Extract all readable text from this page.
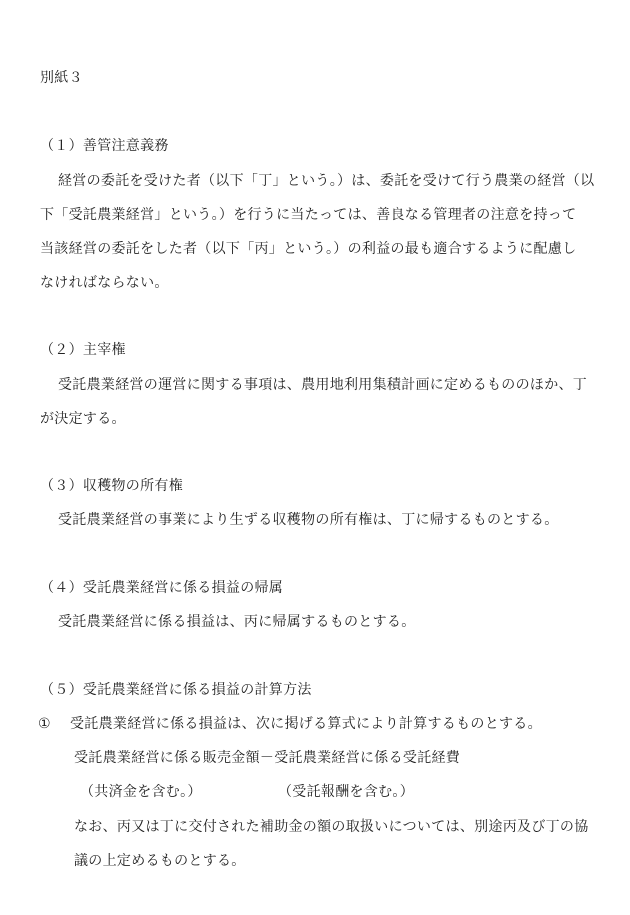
別紙３
（１）善管注意義務
経営の委託を受けた者（以下「丁」という。）は、委託を受けて行う農業の経営（以
下「受託農業経営」という。）を行うに当たっては、善良なる管理者の注意を持って
当該経営の委託をした者（以下「丙」という。）の利益の最も適合するように配慮し
なければならない。
（２）主宰権
受託農業経営の運営に関する事項は、農用地利用集積計画に定めるもののほか、丁
が決定する。
（３）収穫物の所有権
受託農業経営の事業により生ずる収穫物の所有権は、丁に帰するものとする。
（４）受託農業経営に係る損益の帰属
受託農業経営に係る損益は、丙に帰属するものとする。
（５）受託農業経営に係る損益の計算方法
① 受託農業経営に係る損益は、次に掲げる算式により計算するものとする。
受託農業経営に係る販売金額－受託農業経営に係る受託経費
（共済金を含む。）	（受託報酬を含む。）
なお、丙又は丁に交付された補助金の額の取扱いについては、別途丙及び丁の協
議の上定めるものとする。
